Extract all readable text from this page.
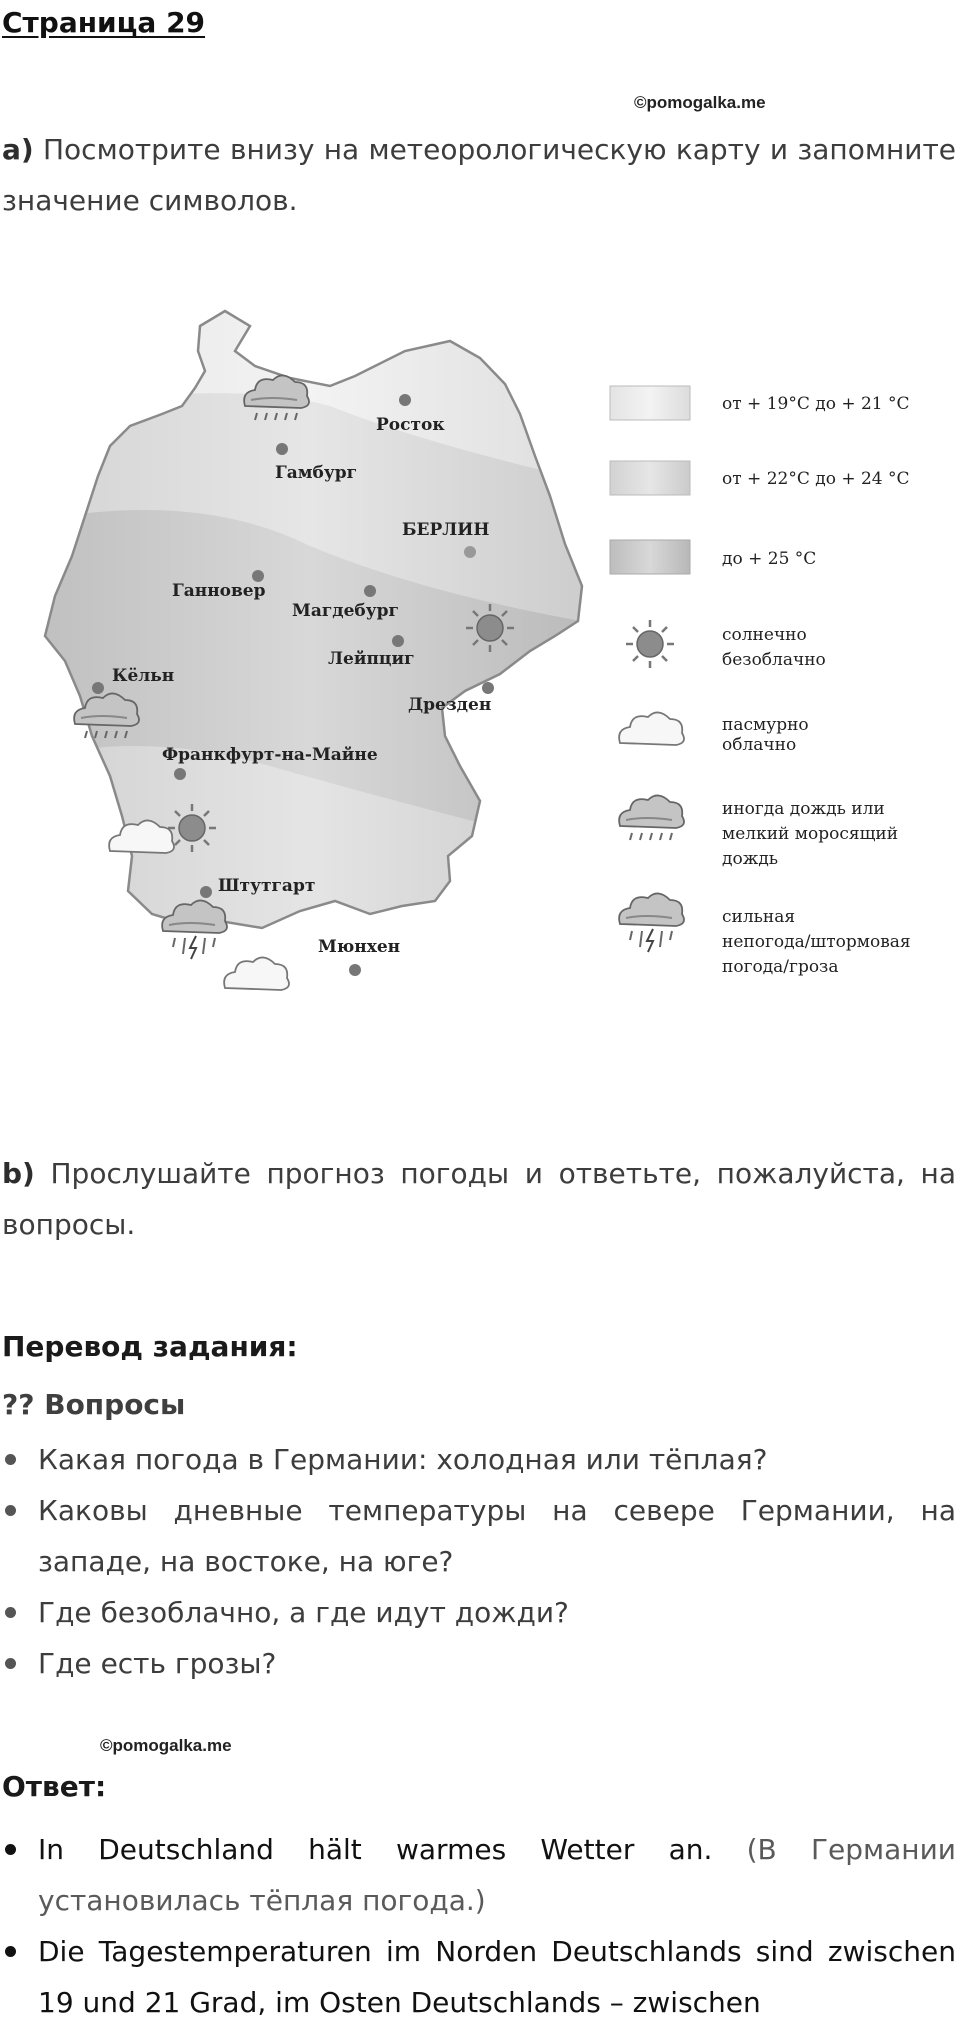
Страница 29
©pomogalka.me
a) Посмотрите внизу на метеорологическую карту и запомните значение символов.
Росток
Гамбург
БЕРЛИН
Ганновер
Магдебург
Лейпциг
Кёльн
Дрезден
Франкфурт-на-Майне
Штутгарт
Мюнхен
от + 19°C до + 21 °C
от + 22°C до + 24 °C
до + 25 °C
солнечно
безоблачно
пасмурно
облачно
иногда дождь или
мелкий моросящий
дождь
сильная
непогода/штормовая
погода/гроза
b) Прослушайте прогноз погоды и ответьте, пожалуйста, на вопросы.
Перевод задания:
?? Вопросы
Какая погода в Германии: холодная или тёплая?
Каковы дневные температуры на севере Германии, на западе, на востоке, на юге?
Где безоблачно, а где идут дожди?
Где есть грозы?
©pomogalka.me
Ответ:
In Deutschland hält warmes Wetter an. (В Германии установилась тёплая погода.)
Die Tagestemperaturen im Norden Deutschlands sind zwischen 19 und 21 Grad, im Osten Deutschlands – zwischen
